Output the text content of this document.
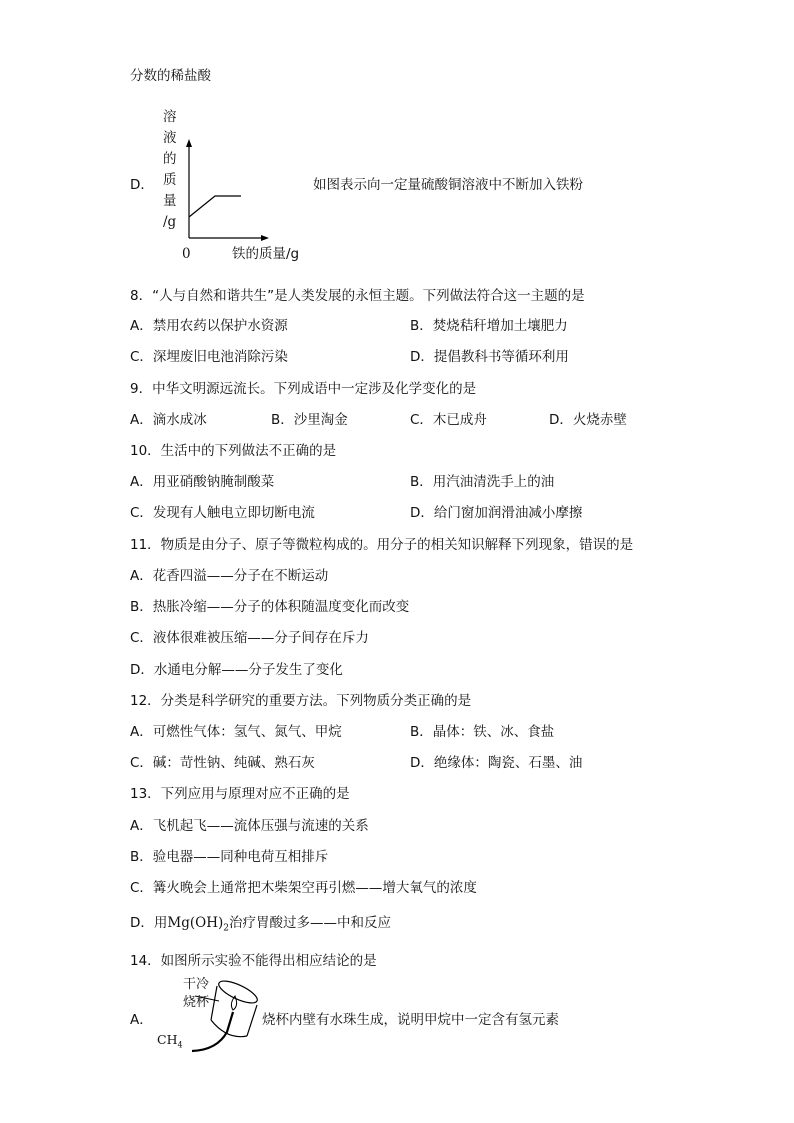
分数的稀盐酸
D．
溶
液
的
质
量
/g
0	铁的质量/g
如图表示向一定量硫酸铜溶液中不断加入铁粉
8．“人与自然和谐共生”是人类发展的永恒主题。下列做法符合这一主题的是
A．禁用农药以保护水资源	B．焚烧秸秆增加土壤肥力
C．深埋废旧电池消除污染	D．提倡教科书等循环利用
9．中华文明源远流长。下列成语中一定涉及化学变化的是
A．滴水成冰	B．沙里淘金	C．木已成舟	D．火烧赤壁
10．生活中的下列做法不正确的是
A．用亚硝酸钠腌制酸菜	B．用汽油清洗手上的油
C．发现有人触电立即切断电流	D．给门窗加润滑油减小摩擦
11．物质是由分子、原子等微粒构成的。用分子的相关知识解释下列现象，错误的是
A．花香四溢——分子在不断运动
B．热胀冷缩——分子的体积随温度变化而改变
C．液体很难被压缩——分子间存在斥力
D．水通电分解——分子发生了变化
12．分类是科学研究的重要方法。下列物质分类正确的是
A．可燃性气体：氢气、氮气、甲烷	B．晶体：铁、冰、食盐
C．碱：苛性钠、纯碱、熟石灰	D．绝缘体：陶瓷、石墨、油
13．下列应用与原理对应不正确的是
A．飞机起飞——流体压强与流速的关系
B．验电器——同种电荷互相排斥
C．篝火晚会上通常把木柴架空再引燃——增大氧气的浓度
D．用$Mg(OH)_2$治疗胃酸过多——中和反应
14．如图所示实验不能得出相应结论的是
A．
干冷
烧杯
$CH_4$
烧杯内壁有水珠生成，说明甲烷中一定含有氢元素
